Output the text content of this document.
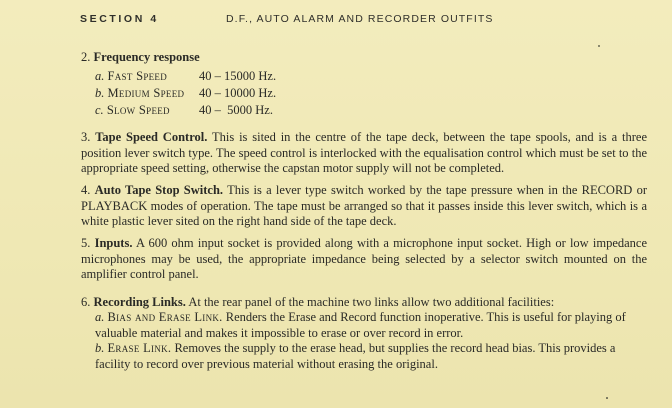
SECTION 4	D.F., AUTO ALARM AND RECORDER OUTFITS
2. Frequency response
a. Fast Speed	40 – 15000 Hz.
b. Medium Speed 40 – 10000 Hz.
c. Slow Speed 40 –  5000 Hz.
3. Tape Speed Control. This is sited in the centre of the tape deck, between the tape spools, and is a three position lever switch type. The speed control is interlocked with the equalisation control which must be set to the appropriate speed setting, otherwise the capstan motor supply will not be completed.
4. Auto Tape Stop Switch. This is a lever type switch worked by the tape pressure when in the RECORD or PLAYBACK modes of operation. The tape must be arranged so that it passes inside this lever switch, which is a white plastic lever sited on the right hand side of the tape deck.
5. Inputs. A 600 ohm input socket is provided along with a microphone input socket. High or low impedance microphones may be used, the appropriate impedance being selected by a selector switch mounted on the amplifier control panel.
6. Recording Links. At the rear panel of the machine two links allow two additional facilities:
a. Bias and Erase Link. Renders the Erase and Record function inoperative. This is useful for playing of valuable material and makes it impossible to erase or over record in error.
b. Erase Link. Removes the supply to the erase head, but supplies the record head bias. This provides a facility to record over previous material without erasing the original.
